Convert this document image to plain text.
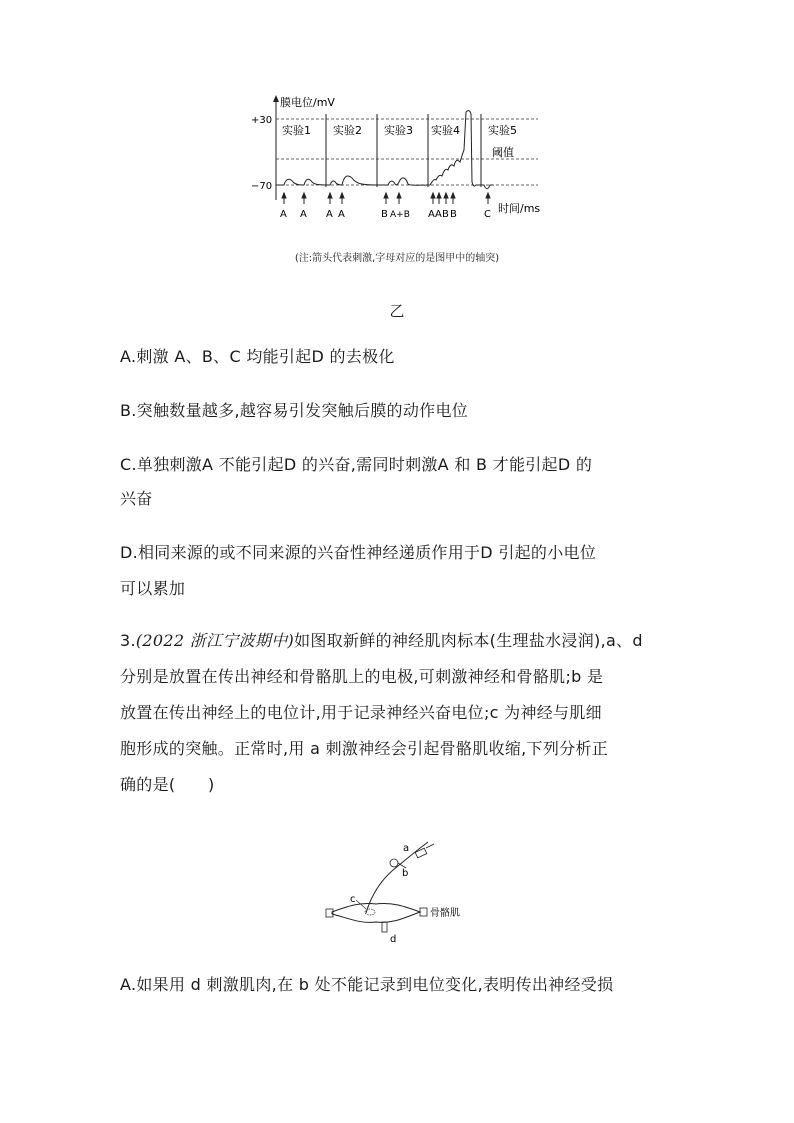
膜电位/mV
+30
−70
实验1 实验2 实验3 实验4	实验5
阈值
时间/ms
A A A A	B A+B A A B B	C
(注:箭头代表刺激,字母对应的是图甲中的轴突)
乙
A.刺激 A、B、C 均能引起D 的去极化
B.突触数量越多,越容易引发突触后膜的动作电位
C.单独刺激A 不能引起D 的兴奋,需同时刺激A 和 B 才能引起D 的
兴奋
D.相同来源的或不同来源的兴奋性神经递质作用于D 引起的小电位
可以累加
3.(2022 浙江宁波期中)如图取新鲜的神经肌肉标本(生理盐水浸润),a、d
分别是放置在传出神经和骨骼肌上的电极,可刺激神经和骨骼肌;b 是
放置在传出神经上的电位计,用于记录神经兴奋电位;c 为神经与肌细
胞形成的突触。正常时,用 a 刺激神经会引起骨骼肌收缩,下列分析正
确的是(　　)
a
b
c
d
骨骼肌
A.如果用 d 刺激肌肉,在 b 处不能记录到电位变化,表明传出神经受损
